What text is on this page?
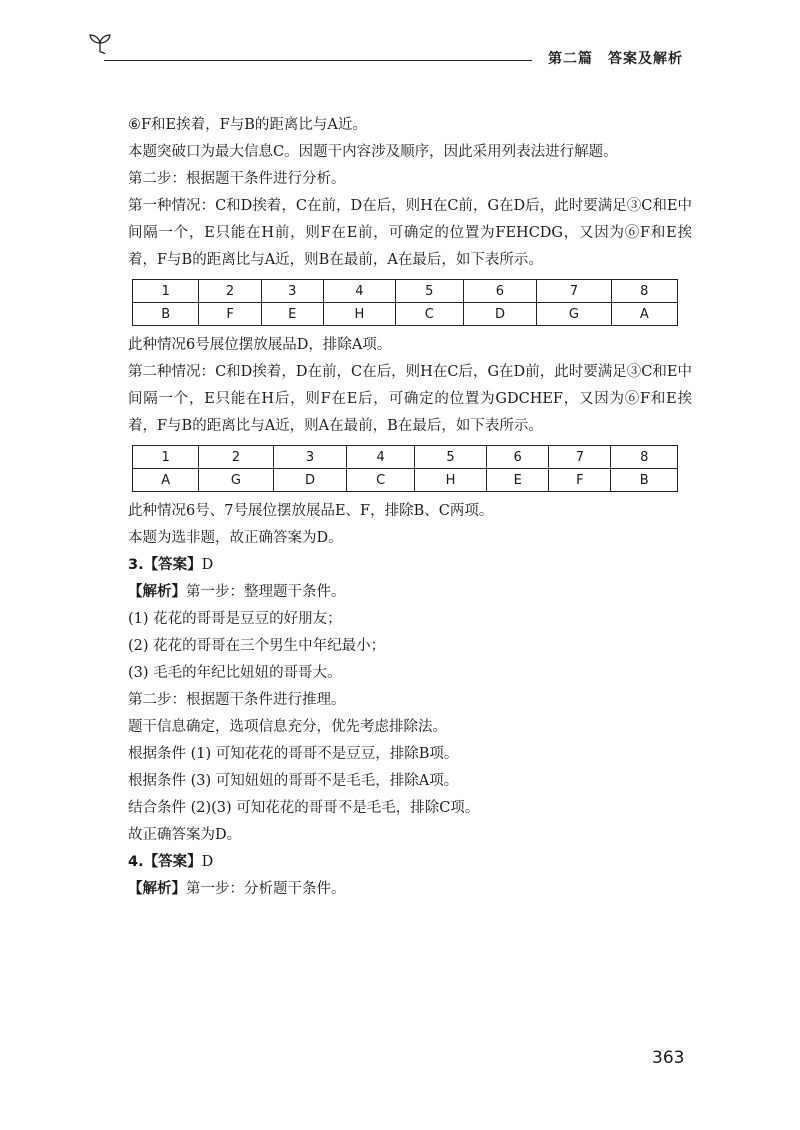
第二篇　答案及解析

⑥F和E挨着，F与B的距离比与A近。

本题突破口为最大信息C。因题干内容涉及顺序，因此采用列表法进行解题。

第二步：根据题干条件进行分析。

第一种情况：C和D挨着，C在前，D在后，则H在C前，G在D后，此时要满足③C和E中间隔一个，E只能在H前，则F在E前，可确定的位置为FEHCDG，又因为⑥F和E挨着，F与B的距离比与A近，则B在最前，A在最后，如下表所示。

1	2	3	4	5	6	7	8
B	F	E	H	C	D	G	A

此种情况6号展位摆放展品D，排除A项。

第二种情况：C和D挨着，D在前，C在后，则H在C后，G在D前，此时要满足③C和E中间隔一个，E只能在H后，则F在E后，可确定的位置为GDCHEF，又因为⑥F和E挨着，F与B的距离比与A近，则A在最前，B在最后，如下表所示。

1	2	3	4	5	6	7	8
A	G	D	C	H	E	F	B

此种情况6号、7号展位摆放展品E、F，排除B、C两项。

本题为选非题，故正确答案为D。

3.【答案】D

【解析】第一步：整理题干条件。

(1) 花花的哥哥是豆豆的好朋友；

(2) 花花的哥哥在三个男生中年纪最小；

(3) 毛毛的年纪比妞妞的哥哥大。

第二步：根据题干条件进行推理。

题干信息确定，选项信息充分，优先考虑排除法。

根据条件 (1) 可知花花的哥哥不是豆豆，排除B项。

根据条件 (3) 可知妞妞的哥哥不是毛毛，排除A项。

结合条件 (2)(3) 可知花花的哥哥不是毛毛，排除C项。

故正确答案为D。

4.【答案】D

【解析】第一步：分析题干条件。

363
